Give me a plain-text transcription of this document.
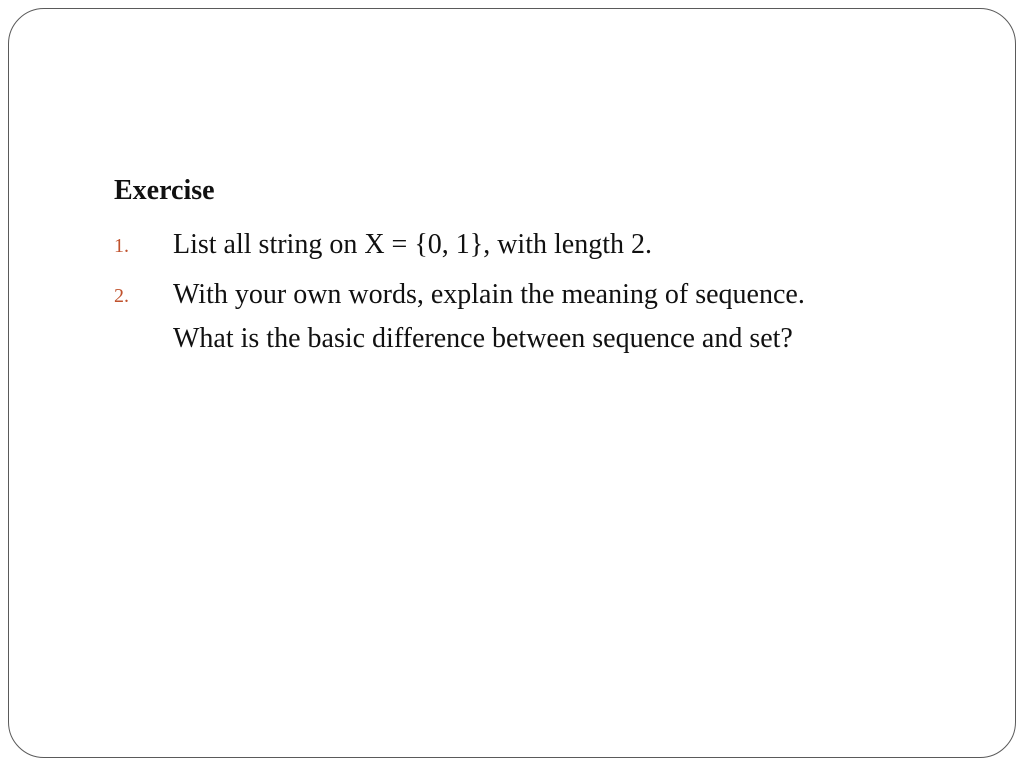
Exercise
1. List all string on X = {0, 1}, with length 2.
2. With your own words, explain the meaning of sequence.
What is the basic difference between sequence and set?
